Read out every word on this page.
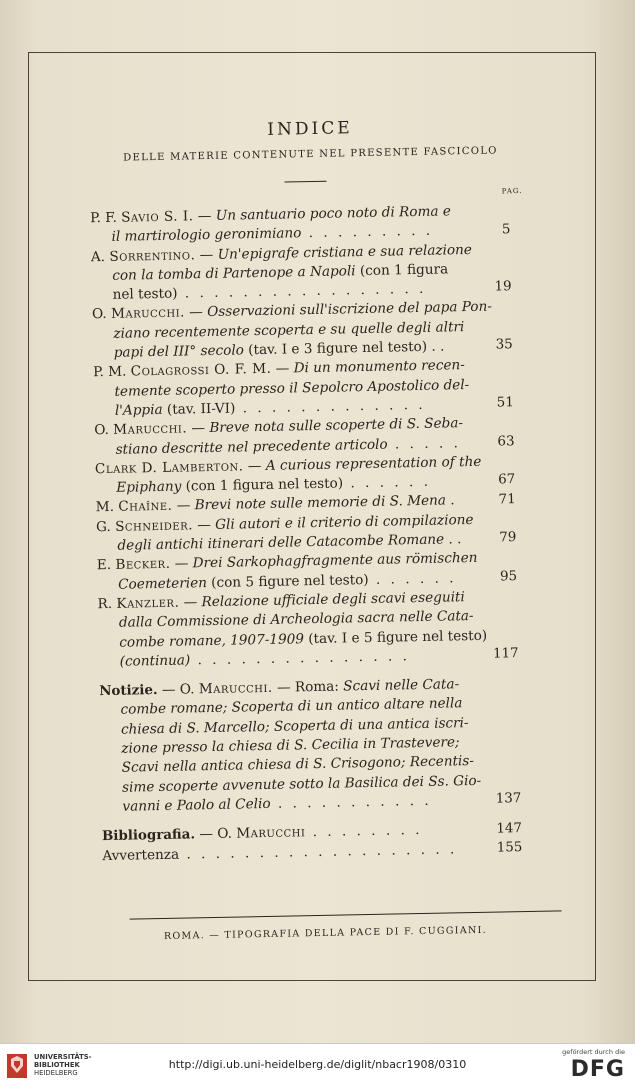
INDICE
DELLE MATERIE CONTENUTE NEL PRESENTE FASCICOLO
PAG.
P. F. Savio S. I. — Un santuario poco noto di Roma e
il martirologio geronimiano . . . . . . . . .	5
A. Sorrentino. — Un'epigrafe cristiana e sua relazione
con la tomba di Partenope a Napoli (con 1 figura
nel testo) . . . . . . . . . . . . . . . . .	19
O. Marucchi. — Osservazioni sull'iscrizione del papa Pon-
ziano recentemente scoperta e su quelle degli altri
papi del III° secolo (tav. I e 3 figure nel testo) . .	35
P. M. Colagrossi O. F. M. — Di un monumento recen-
temente scoperto presso il Sepolcro Apostolico del-
l'Appia (tav. II-VI) . . . . . . . . . . . . .	51
O. Marucchi. — Breve nota sulle scoperte di S. Seba-
stiano descritte nel precedente articolo . . . . .	63
Clark D. Lamberton. — A curious representation of the
Epiphany (con 1 figura nel testo) . . . . . .	67
M. Chaîne. — Brevi note sulle memorie di S. Mena .	71
G. Schneider. — Gli autori e il criterio di compilazione
degli antichi itinerari delle Catacombe Romane . .	79
E. Becker. — Drei Sarkophagfragmente aus römischen
Coemeterien (con 5 figure nel testo) . . . . . .	95
R. Kanzler. — Relazione ufficiale degli scavi eseguiti
dalla Commissione di Archeologia sacra nelle Cata-
combe romane, 1907-1909 (tav. I e 5 figure nel testo)
(continua) . . . . . . . . . . . . . . .	117
Notizie. — O. Marucchi. — Roma: Scavi nelle Cata-
combe romane; Scoperta di un antico altare nella
chiesa di S. Marcello; Scoperta di una antica iscri-
zione presso la chiesa di S. Cecilia in Trastevere;
Scavi nella antica chiesa di S. Crisogono; Recentis-
sime scoperte avvenute sotto la Basilica dei Ss. Gio-
vanni e Paolo al Celio . . . . . . . . . . .	137
Bibliografia. — O. Marucchi . . . . . . . .	147
Avvertenza . . . . . . . . . . . . . . . . . . .	155
ROMA. — TIPOGRAFIA DELLA PACE DI F. CUGGIANI.
UNIVERSITÄTS-
BIBLIOTHEK
HEIDELBERG
http://digi.ub.uni-heidelberg.de/diglit/nbacr1908/0310
gefördert durch die
DFG
